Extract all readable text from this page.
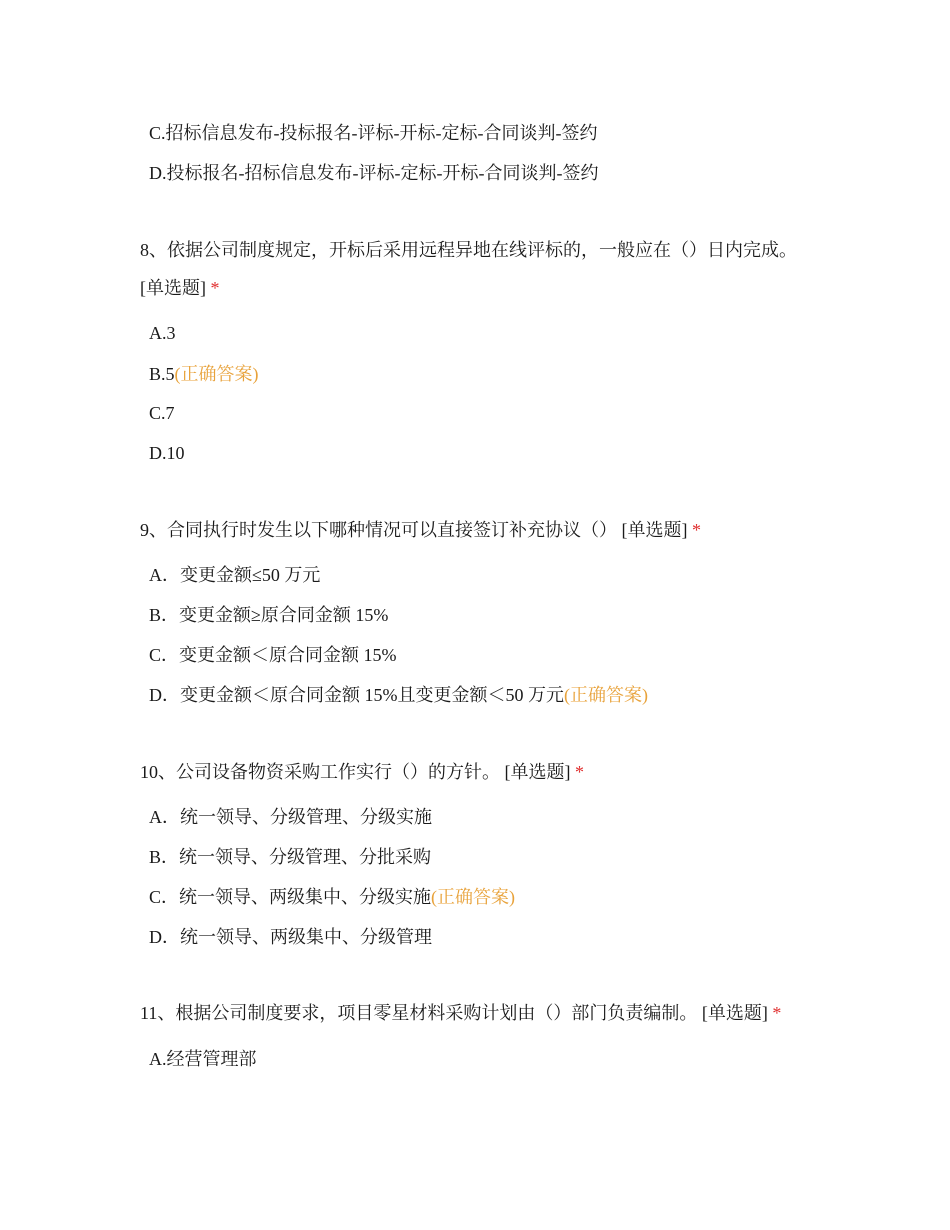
C.招标信息发布-投标报名-评标-开标-定标-合同谈判-签约
D.投标报名-招标信息发布-评标-定标-开标-合同谈判-签约
8、依据公司制度规定，开标后采用远程异地在线评标的，一般应在（）日内完成。 [单选题] *
A.3
B.5(正确答案)
C.7
D.10
9、合同执行时发生以下哪种情况可以直接签订补充协议（） [单选题] *
A．变更金额≤50 万元
B．变更金额≥原合同金额 15%
C．变更金额＜原合同金额 15%
D．变更金额＜原合同金额 15%且变更金额＜50 万元(正确答案)
10、公司设备物资采购工作实行（）的方针。 [单选题] *
A．统一领导、分级管理、分级实施
B．统一领导、分级管理、分批采购
C．统一领导、两级集中、分级实施(正确答案)
D．统一领导、两级集中、分级管理
11、根据公司制度要求，项目零星材料采购计划由（）部门负责编制。 [单选题] *
A.经营管理部
